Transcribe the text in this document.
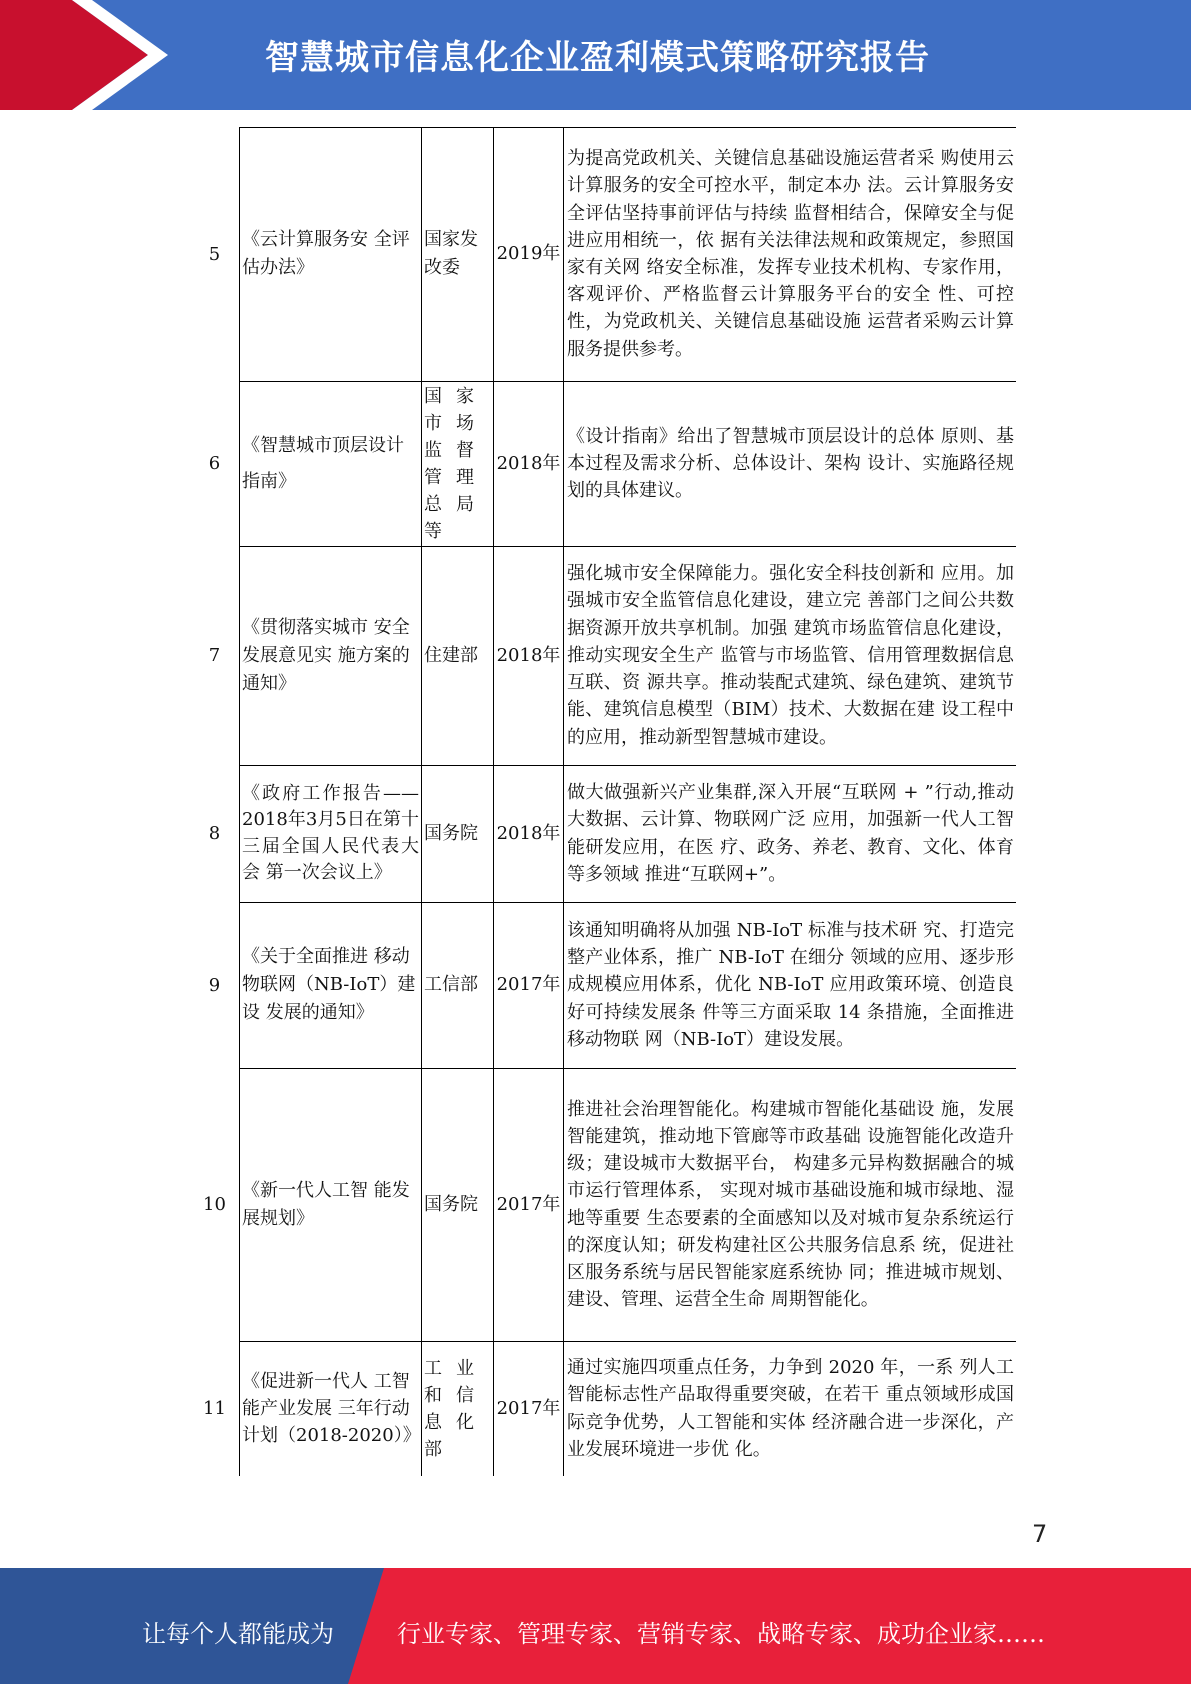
智慧城市信息化企业盈利模式策略研究报告
5
《云计算服务安 全评估办法》
国家发改委
2019年
为提高党政机关、关键信息基础设施运营者采 购使用云计算服务的安全可控水平，制定本办 法。云计算服务安全评估坚持事前评估与持续 监督相结合，保障安全与促进应用相统一，依 据有关法律法规和政策规定，参照国家有关网 络安全标准，发挥专业技术机构、专家作用， 客观评价、严格监督云计算服务平台的安全 性、可控性，为党政机关、关键信息基础设施 运营者采购云计算服务提供参考。
6
《智慧城市顶层设计指南》
国家市场监督管理总局等
2018年
《设计指南》给出了智慧城市顶层设计的总体 原则、基本过程及需求分析、总体设计、架构 设计、实施路径规划的具体建议。
7
《贯彻落实城市 安全发展意见实 施方案的通知》
住建部 2018年
强化城市安全保障能力。强化安全科技创新和 应用。加强城市安全监管信息化建设，建立完 善部门之间公共数据资源开放共享机制。加强 建筑市场监管信息化建设，推动实现安全生产 监管与市场监管、信用管理数据信息互联、资 源共享。推动装配式建筑、绿色建筑、建筑节 能、建筑信息模型（BIM）技术、大数据在建 设工程中的应用，推动新型智慧城市建设。
8
《政府工作报告——2018年3月5日在第十三届全国人民代表大会 第一次会议上》
国务院 2018年
做大做强新兴产业集群,深入开展“互联网 + ”行动,推动大数据、云计算、物联网广泛 应用，加强新一代人工智能研发应用，在医 疗、政务、养老、教育、文化、体育等多领域 推进“互联网+”。
9
《关于全面推进 移动物联网（NB-IoT）建设 发展的通知》
工信部 2017年
该通知明确将从加强 NB-IoT 标准与技术研 究、打造完整产业体系，推广 NB-IoT 在细分 领域的应用、逐步形成规模应用体系，优化 NB-IoT 应用政策环境、创造良好可持续发展条 件等三方面采取 14 条措施，全面推进移动物联 网（NB-IoT）建设发展。
10
《新一代人工智 能发展规划》
国务院 2017年
推进社会治理智能化。构建城市智能化基础设 施，发展智能建筑，推动地下管廊等市政基础 设施智能化改造升级；建设城市大数据平台， 构建多元异构数据融合的城市运行管理体系， 实现对城市基础设施和城市绿地、湿地等重要 生态要素的全面感知以及对城市复杂系统运行 的深度认知；研发构建社区公共服务信息系 统，促进社区服务系统与居民智能家庭系统协 同；推进城市规划、建设、管理、运营全生命 周期智能化。
11
《促进新一代人 工智能产业发展 三年行动计划（2018-2020）》
工业和信息化部
2017年
通过实施四项重点任务，力争到 2020 年，一系 列人工智能标志性产品取得重要突破，在若干 重点领域形成国际竞争优势，人工智能和实体 经济融合进一步深化，产业发展环境进一步优 化。
7
让每个人都能成为	行业专家、管理专家、营销专家、战略专家、成功企业家……
